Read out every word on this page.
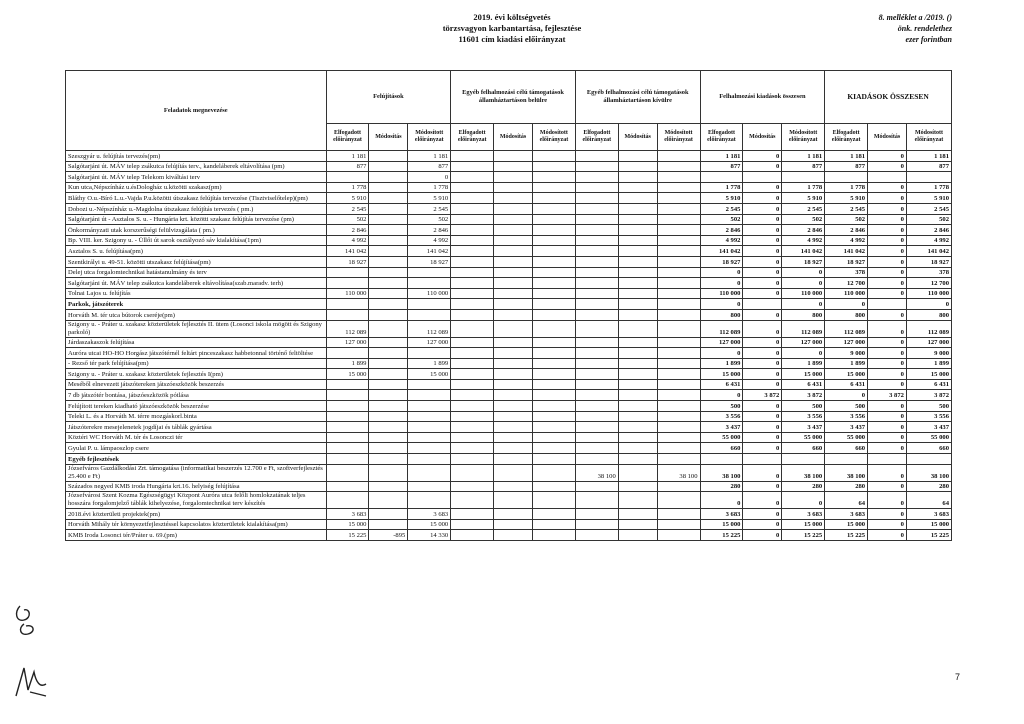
2019. évi költségvetés
törzsvagyon karbantartása, fejlesztése
11601 cím kiadási előirányzat
8. melléklet a /2019. ()
önk. rendelethez
ezer forintban
Feladatok megnevezése	Felújítások			Egyéb felhalmozási célú támogatások államháztartáson belülre			Egyéb felhalmozási célú támogatások államháztartáson kívülre			Felhalmozási kiadások összesen			KIADÁSOK ÖSSZESEN		
	Elfogadott előirányzat	Módosítás	Módosított előirányzat	Elfogadott előirányzat	Módosítás	Módosított előirányzat	Elfogadott előirányzat	Módosítás	Módosított előirányzat	Elfogadott előirányzat	Módosítás	Módosított előirányzat	Elfogadott előirányzat	Módosítás	Módosított előirányzat
Szeszgyár u. felújítás tervezés(pm)	1 181		1 181							1 181	0	1 181	1 181	0	1 181
Salgótarjáni út. MÁV telep zsákutca felújítás terv., kandeláberek eltávolítása (pm)	877		877							877	0	877	877	0	877
Salgótarjáni út. MÁV telep Telekom kiváltási terv			0												
Kun utca,Népszínház u.ésDologház u.közötti szakasz(pm)	1 778		1 778							1 778	0	1 778	1 778	0	1 778
Bláthy O.u.-Bíró L.u.-Vajda P.u.közötti útszakasz felújítás tervezése (Tisztviselőtelep)(pm)	5 910		5 910							5 910	0	5 910	5 910	0	5 910
Dobozi u.-Népszínház u.-Magdolna útszakasz felújítás tervezés ( pm.)	2 545		2 545							2 545	0	2 545	2 545	0	2 545
Salgótarjáni út - Asztalos S. u. - Hungária krt. közötti szakasz felújítás tervezése (pm)	502		502							502	0	502	502	0	502
Önkormányzati utak korszerűségi felülvizsgálata ( pm.)	2 846		2 846							2 846	0	2 846	2 846	0	2 846
Bp. VIII. ker. Szigony u. - Üllői út sarok osztályozó sáv kialakítása(1pm)	4 992		4 992							4 992	0	4 992	4 992	0	4 992
Asztalos S. u. felújítása(pm)	141 042		141 042							141 042	0	141 042	141 042	0	141 042
Szentkirályi u. 49-51. közötti utszakasz felújítása(pm)	18 927		18 927							18 927	0	18 927	18 927	0	18 927
Delej utca forgalomtechnikai hatástanulmány és terv										0	0	0	378	0	378
Salgótarjáni út. MÁV telep zsákutca kandeláberek eltávolítása(szab.maradv. terh)										0	0	0	12 700	0	12 700
Tolnai Lajos u. felújítás	110 000		110 000							110 000	0	110 000	110 000	0	110 000
Parkok, játszóterek										0		0	0		0
Horváth M. tér utca bútorok cseréje(pm)										800	0	800	800	0	800
Szigony u. - Práter u. szakasz közterületek fejlesztés II. ütem (Losonci iskola mögött és Szigony parkoló)	112 089		112 089							112 089	0	112 089	112 089	0	112 089
Járdaszakaszok felújítása	127 000		127 000							127 000	0	127 000	127 000	0	127 000
Auróra utcai HO-HO Horgász játszótérnél feltárt pinceszakasz habbetonnal történő feltöltése										0	0	0	9 000	0	9 000
- Rezső tér park felújítása(pm)	1 899		1 899							1 899	0	1 899	1 899	0	1 899
Szigony u. - Práter u. szakasz közterületek fejlesztés I(pm)	15 000		15 000							15 000	0	15 000	15 000	0	15 000
Meséből elnevezett játszótereken játszóeszközök beszerzés										6 431	0	6 431	6 431	0	6 431
7 db játszótér bontása, játszóeszközök pótlása										0	3 872	3 872	0	3 872	3 872
Felújított tereken kiadható játszóeszközök beszerzése										500	0	500	500	0	500
Teleki L. és a Horváth M. térre mozgáskorl.binta										3 556	0	3 556	3 556	0	3 556
Játszóterekre mesejelenetek jogdíjai és táblák gyártása										3 437	0	3 437	3 437	0	3 437
Köztéri WC Horváth M. tér és Losonczi tér										55 000	0	55 000	55 000	0	55 000
Gyulai P. u. lámpaoszlop csere										660	0	660	660	0	660
Egyéb fejlesztések															
Józsefváros Gazdálkodási Zrt. támogatása (informatikai beszerzés 12.700 e Ft, szoftverfejlesztés 25.400 e Ft)							38 100		38 100	38 100	0	38 100	38 100	0	38 100
Százados negyed KMB iroda Hungária krt.16. helyiség felújítása										280	0	280	280	0	280
Józsefvárosi Szent Kozma Egészségügyi Központ Auróra utca felőli homlokzatának teljes hosszára forgalomjelző táblák kihelyezése, forgalomtechnikai terv készítés										0	0	0	64	0	64
2018.évi közterületi projektek(pm)	3 683		3 683							3 683	0	3 683	3 683	0	3 683
Horváth Mihály tér környezetfejlesztéssel kapcsolatos közterületek kialakítása(pm)	15 000		15 000							15 000	0	15 000	15 000	0	15 000
KMB Iroda Losonci tér/Práter u. 69.(pm)	15 225	-895	14 330							15 225	0	15 225	15 225	0	15 225
7
